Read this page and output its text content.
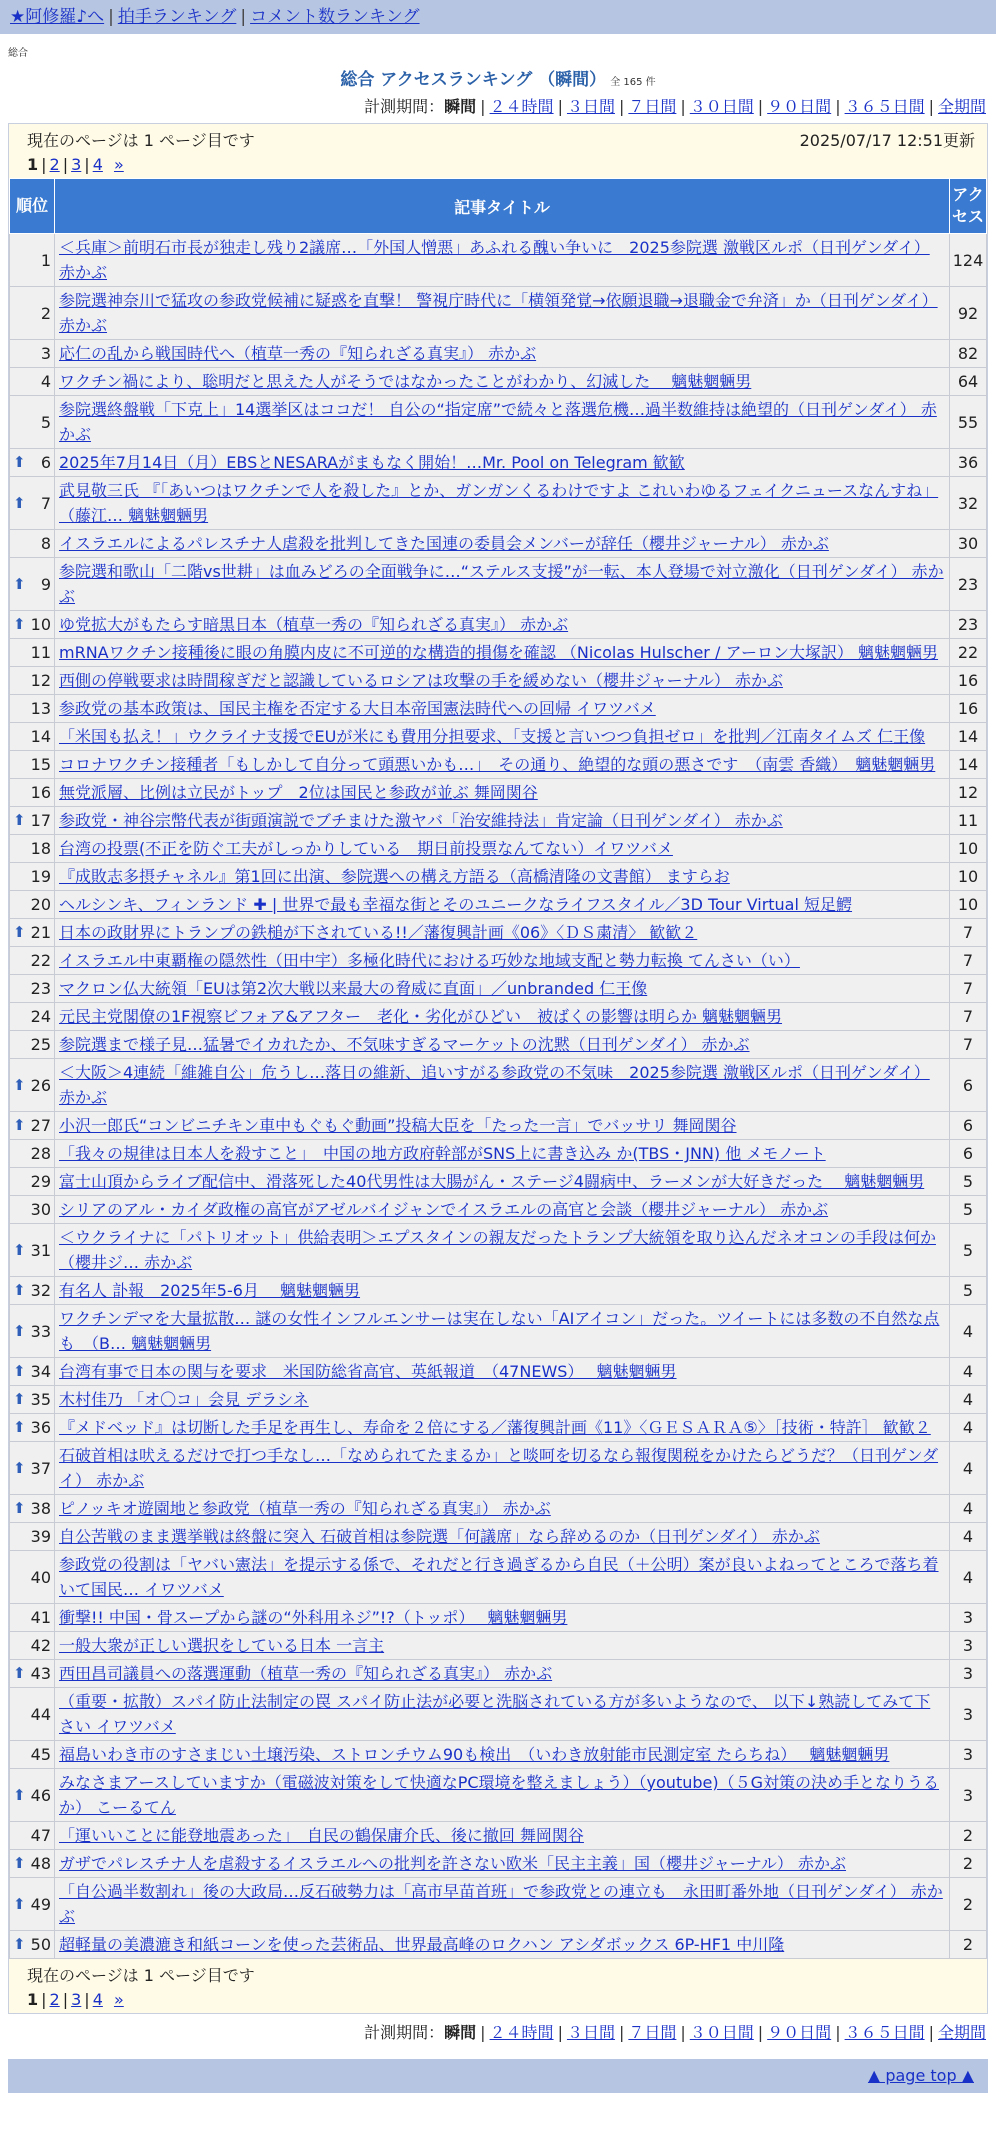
★阿修羅♪へ | 拍手ランキング | コメント数ランキング
総合
総合 アクセスランキング （瞬間） 全 165 件
計測期間：瞬間 | ２４時間 | ３日間 | ７日間 | ３０日間 | ９０日間 | ３６５日間 | 全期間
現在のページは 1 ページ目です	2025/07/17 12:51更新
1 | 2 | 3 | 4 »
順位	記事タイトル	アクセス
1	＜兵庫＞前明石市長が独走し残り2議席…「外国人憎悪」あふれる醜い争いに　2025参院選 激戦区ルポ（日刊ゲンダイ） 赤かぶ	124
2	参院選神奈川で猛攻の参政党候補に疑惑を直撃！ 警視庁時代に「横領発覚→依願退職→退職金で弁済」か（日刊ゲンダイ） 赤かぶ	92
3	応仁の乱から戦国時代へ（植草一秀の『知られざる真実』） 赤かぶ	82
4	ワクチン禍により、聡明だと思えた人がそうではなかったことがわかり、幻滅した　 魑魅魍魎男	64
5	参院選終盤戦「下克上」14選挙区はココだ！ 自公の“指定席”で続々と落選危機…過半数維持は絶望的（日刊ゲンダイ） 赤かぶ	55

⬆ 6	2025年7月14日（月）EBSとNESARAがまもなく開始！…Mr. Pool on Telegram 歓歓	36

⬆ 7	武見敬三氏 『「あいつはワクチンで人を殺した』とか、ガンガンくるわけですよ これいわゆるフェイクニュースなんすね」（藤江… 魑魅魍魎男	32
8	イスラエルによるパレスチナ人虐殺を批判してきた国連の委員会メンバーが辞任（櫻井ジャーナル） 赤かぶ	30

⬆ 9	参院選和歌山「二階vs世耕」は血みどろの全面戦争に…“ステルス支援”が一転、本人登場で対立激化（日刊ゲンダイ） 赤かぶ	23

⬆ 10	ゆ党拡大がもたらす暗黒日本（植草一秀の『知られざる真実』） 赤かぶ	23
11	mRNAワクチン接種後に眼の角膜内皮に不可逆的な構造的損傷を確認 （Nicolas Hulscher / アーロン大塚訳） 魑魅魍魎男	22
12	西側の停戦要求は時間稼ぎだと認識しているロシアは攻撃の手を緩めない（櫻井ジャーナル） 赤かぶ	16
13	参政党の基本政策は、国民主権を否定する大日本帝国憲法時代への回帰 イワツバメ	16
14	「米国も払え！」ウクライナ支援でEUが米にも費用分担要求、「支援と言いつつ負担ゼロ」を批判／江南タイムズ 仁王像	14
15	コロナワクチン接種者「もしかして自分って頭悪いかも…」　その通り、絶望的な頭の悪さです　（南雲 香織）　魑魅魍魎男	14
16	無党派層、比例は立民がトップ　2位は国民と参政が並ぶ 舞岡関谷	12

⬆ 17	参政党・神谷宗幣代表が街頭演説でブチまけた激ヤバ「治安維持法」肯定論（日刊ゲンダイ） 赤かぶ	11
18	台湾の投票(不正を防ぐ工夫がしっかりしている　期日前投票なんてない）イワツバメ	10
19	『成敗志多摂チャネル』第1回に出演、参院選への構え方語る（高橋清隆の文書館） ますらお	10
20	ヘルシンキ、フィンランド ✚ | 世界で最も幸福な街とそのユニークなライフスタイル／3D Tour Virtual 短足鰐	10

⬆ 21	日本の政財界にトランプの鉄槌が下されている!!／藩復興計画《06》〈ＤＳ粛清〉 歓歓２	7
22	イスラエル中東覇権の隠然性（田中宇）多極化時代における巧妙な地域支配と勢力転換 てんさい（い）	7
23	マクロン仏大統領「EUは第2次大戦以来最大の脅威に直面」／unbranded 仁王像	7
24	元民主党閣僚の1F視察ビフォア&アフター　老化・劣化がひどい　被ばくの影響は明らか 魑魅魍魎男	7
25	参院選まで様子見…猛暑でイカれたか、不気味すぎるマーケットの沈黙（日刊ゲンダイ） 赤かぶ	7

⬆ 26	＜大阪＞4連続「維雑自公」危うし…落日の維新、追いすがる参政党の不気味　2025参院選 激戦区ルポ（日刊ゲンダイ） 赤かぶ	6

⬆ 27	小沢一郎氏“コンビニチキン車中もぐもぐ動画”投稿大臣を「たった一言」でバッサリ 舞岡関谷	6
28	「我々の規律は日本人を殺すこと」　中国の地方政府幹部がSNS上に書き込み か(TBS・JNN) 他 メモノート	6
29	富士山頂からライブ配信中、滑落死した40代男性は大腸がん・ステージ4闘病中、ラーメンが大好きだった　 魑魅魍魎男	5
30	シリアのアル・カイダ政権の高官がアゼルバイジャンでイスラエルの高官と会談（櫻井ジャーナル） 赤かぶ	5

⬆ 31	＜ウクライナに「パトリオット」供給表明＞エプスタインの親友だったトランプ大統領を取り込んだネオコンの手段は何か（櫻井ジ… 赤かぶ	5

⬆ 32	有名人 訃報　2025年5-6月　 魑魅魍魎男	5

⬆ 33	ワクチンデマを大量拡散… 謎の女性インフルエンサーは実在しない「AIアイコン」だった。ツイートには多数の不自然な点も　（B… 魑魅魍魎男	4

⬆ 34	台湾有事で日本の関与を要求　米国防総省高官、英紙報道　（47NEWS）　 魑魅魍魎男	4

⬆ 35	木村佳乃 「オ〇コ」会見 デラシネ	4

⬆ 36	『メドベッド』は切断した手足を再生し、寿命を２倍にする／藩復興計画《11》〈ＧＥＳＡＲＡ⑤〉［技術・特許］ 歓歓２	4

⬆ 37	石破首相は吠えるだけで打つ手なし…「なめられてたまるか」と啖呵を切るなら報復関税をかけたらどうだ？（日刊ゲンダイ） 赤かぶ	4

⬆ 38	ピノッキオ遊園地と参政党（植草一秀の『知られざる真実』） 赤かぶ	4
39	自公苦戦のまま選挙戦は終盤に突入 石破首相は参院選「何議席」なら辞めるのか（日刊ゲンダイ） 赤かぶ	4
40	参政党の役割は「ヤバい憲法」を提示する係で、それだと行き過ぎるから自民（＋公明）案が良いよねってところで落ち着いて国民… イワツバメ	4
41	衝撃!! 中国・骨スープから謎の“外科用ネジ”!?（トッポ）　 魑魅魍魎男	3
42	一般大衆が正しい選択をしている日本 一言主	3

⬆ 43	西田昌司議員への落選運動（植草一秀の『知られざる真実』） 赤かぶ	3
44	（重要・拡散）スパイ防止法制定の罠 スパイ防止法が必要と洗脳されている方が多いようなので、 以下↓熟読してみて下さい イワツバメ	3
45	福島いわき市のすさまじい土壌汚染、ストロンチウム90も検出　（いわき放射能市民測定室 たらちね）　 魑魅魍魎男	3

⬆ 46	みなさまアースしていますか（電磁波対策をして快適なPC環境を整えましょう）（youtube)（５G対策の決め手となりうるか） こーるてん	3
47	「運いいことに能登地震あった」　自民の鶴保庸介氏、後に撤回 舞岡関谷	2

⬆ 48	ガザでパレスチナ人を虐殺するイスラエルへの批判を許さない欧米「民主主義」国（櫻井ジャーナル） 赤かぶ	2

⬆ 49	「自公過半数割れ」後の大政局…反石破勢力は「高市早苗首班」で参政党との連立も　永田町番外地（日刊ゲンダイ） 赤かぶ	2

⬆ 50	超軽量の美濃漉き和紙コーンを使った芸術品、世界最高峰のロクハン アシダボックス 6P-HF1 中川隆	2
現在のページは 1 ページ目です
1 | 2 | 3 | 4 »
計測期間：瞬間 | ２４時間 | ３日間 | ７日間 | ３０日間 | ９０日間 | ３６５日間 | 全期間
▲ page top ▲
